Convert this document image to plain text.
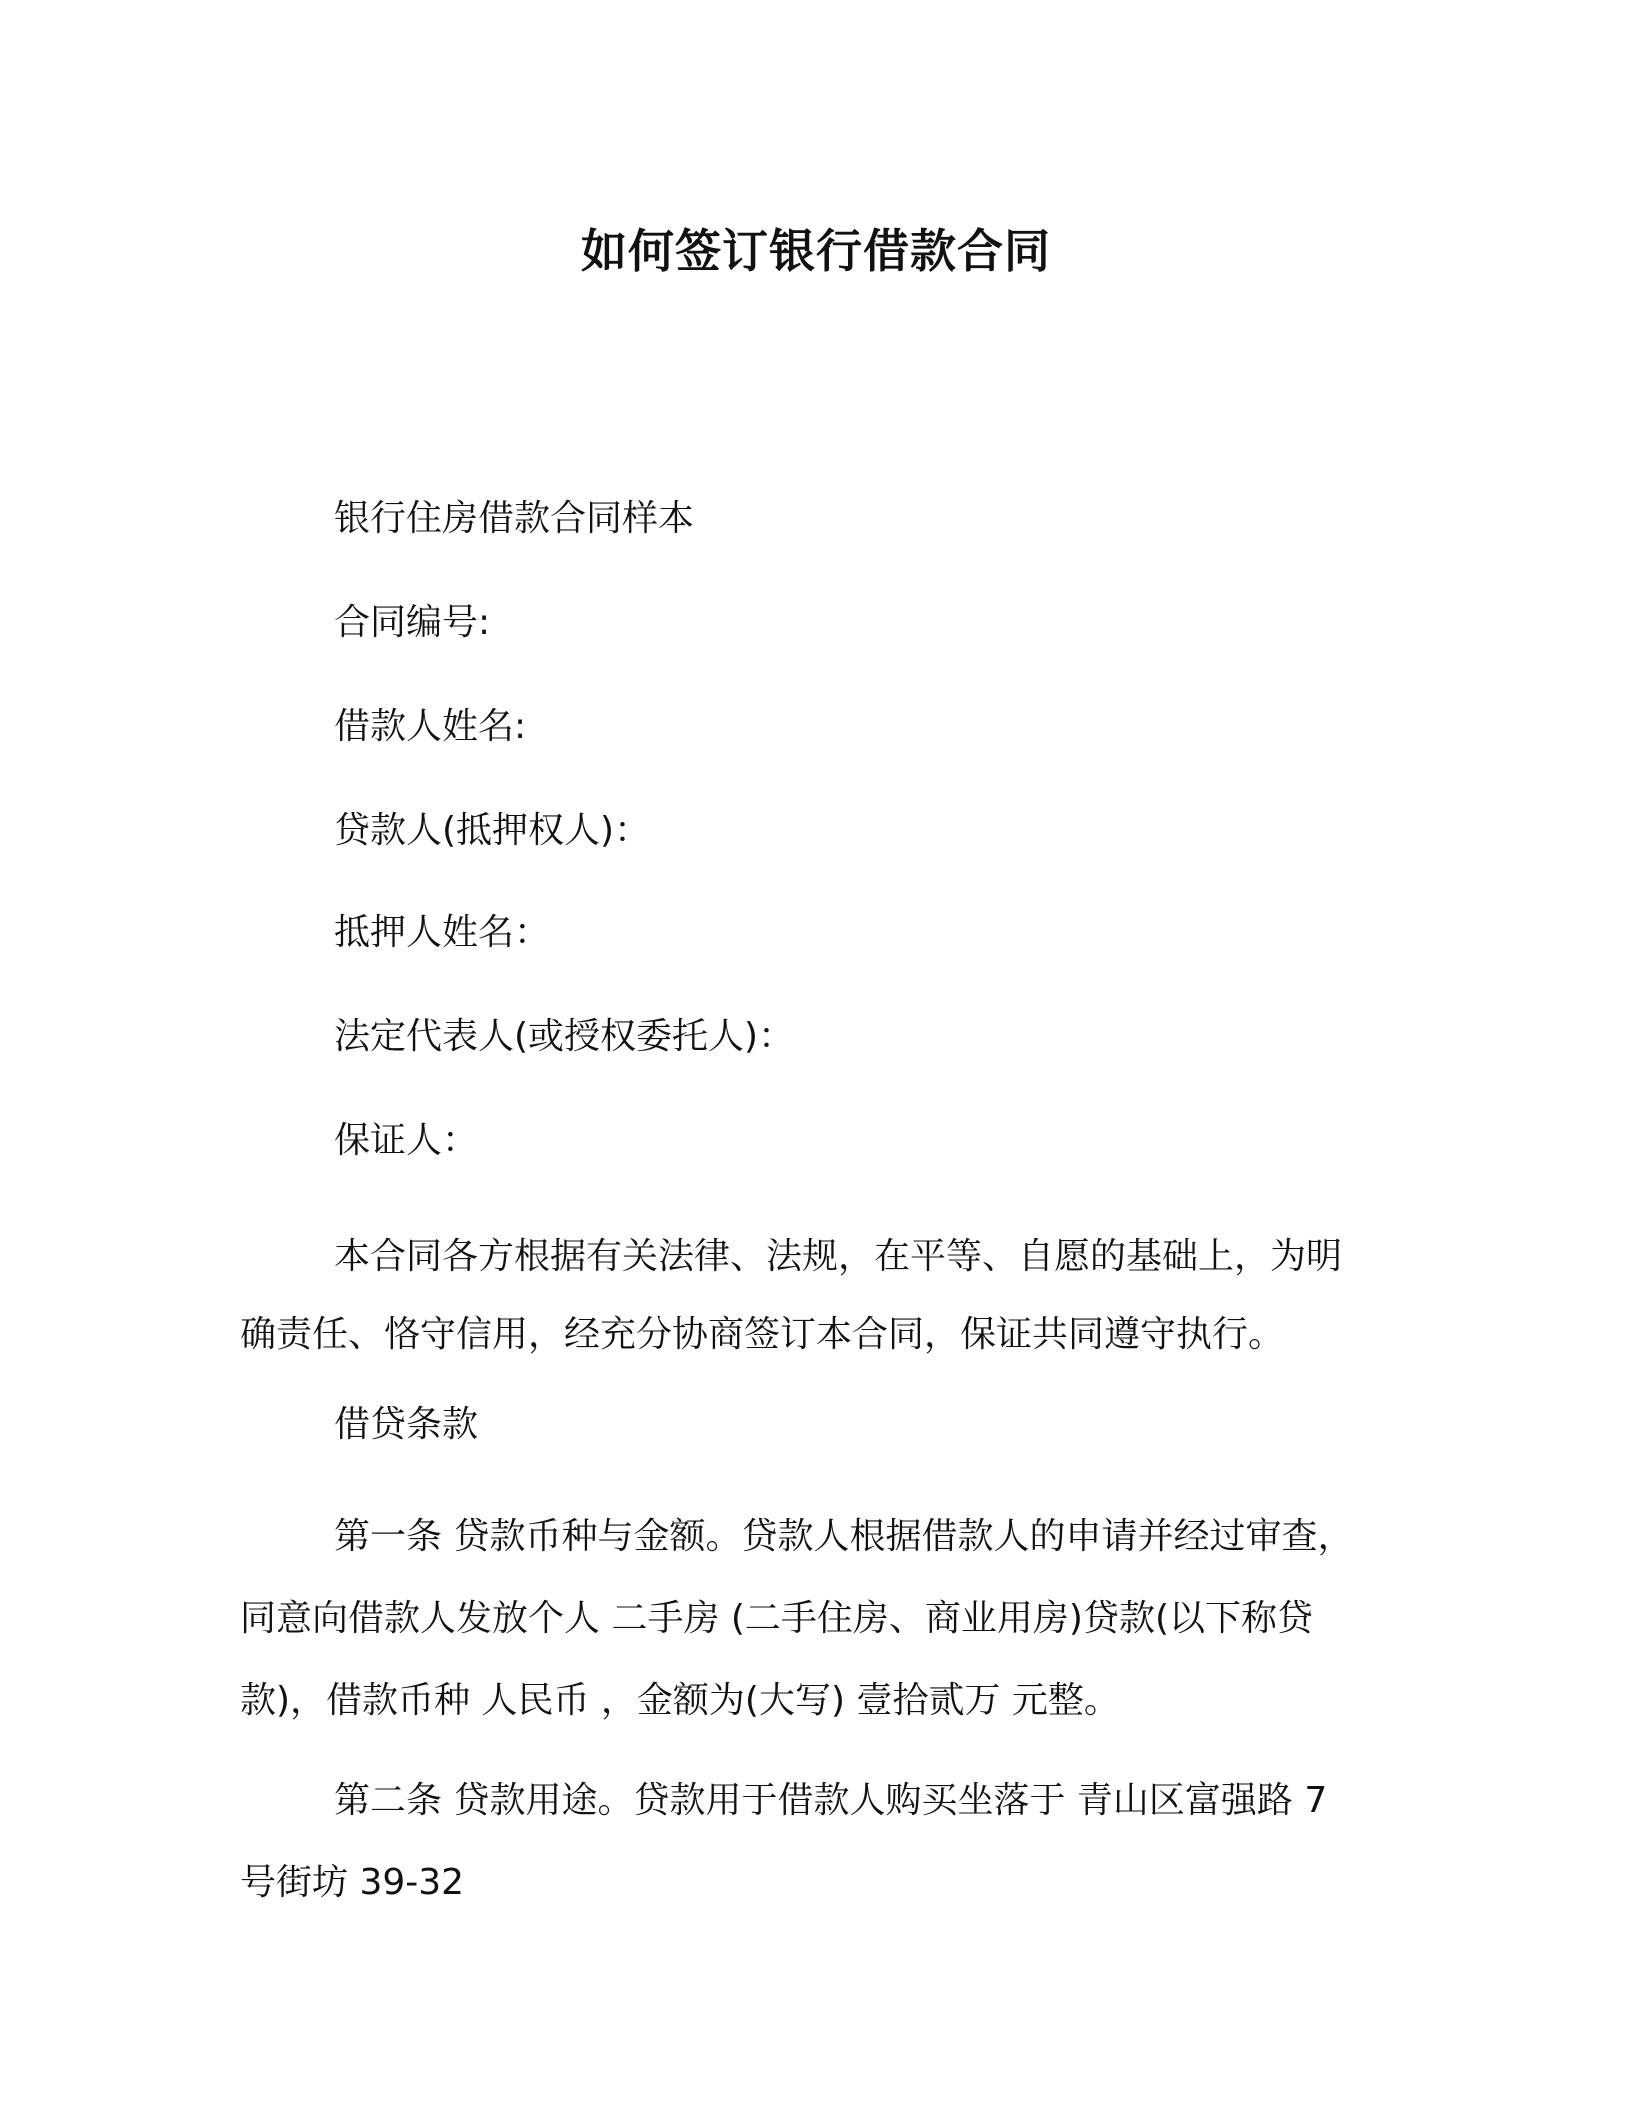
如何签订银行借款合同
银行住房借款合同样本
合同编号:
借款人姓名:
贷款人(抵押权人)：
抵押人姓名：
法定代表人(或授权委托人)：
保证人：
本合同各方根据有关法律、法规，在平等、自愿的基础上，为明
确责任、恪守信用，经充分协商签订本合同，保证共同遵守执行。
借贷条款
第一条 贷款币种与金额。贷款人根据借款人的申请并经过审查，
同意向借款人发放个人 二手房 (二手住房、商业用房)贷款(以下称贷
款)，借款币种 人民币 ，金额为(大写) 壹拾贰万 元整。
第二条 贷款用途。贷款用于借款人购买坐落于 青山区富强路 7
号街坊 39-32
